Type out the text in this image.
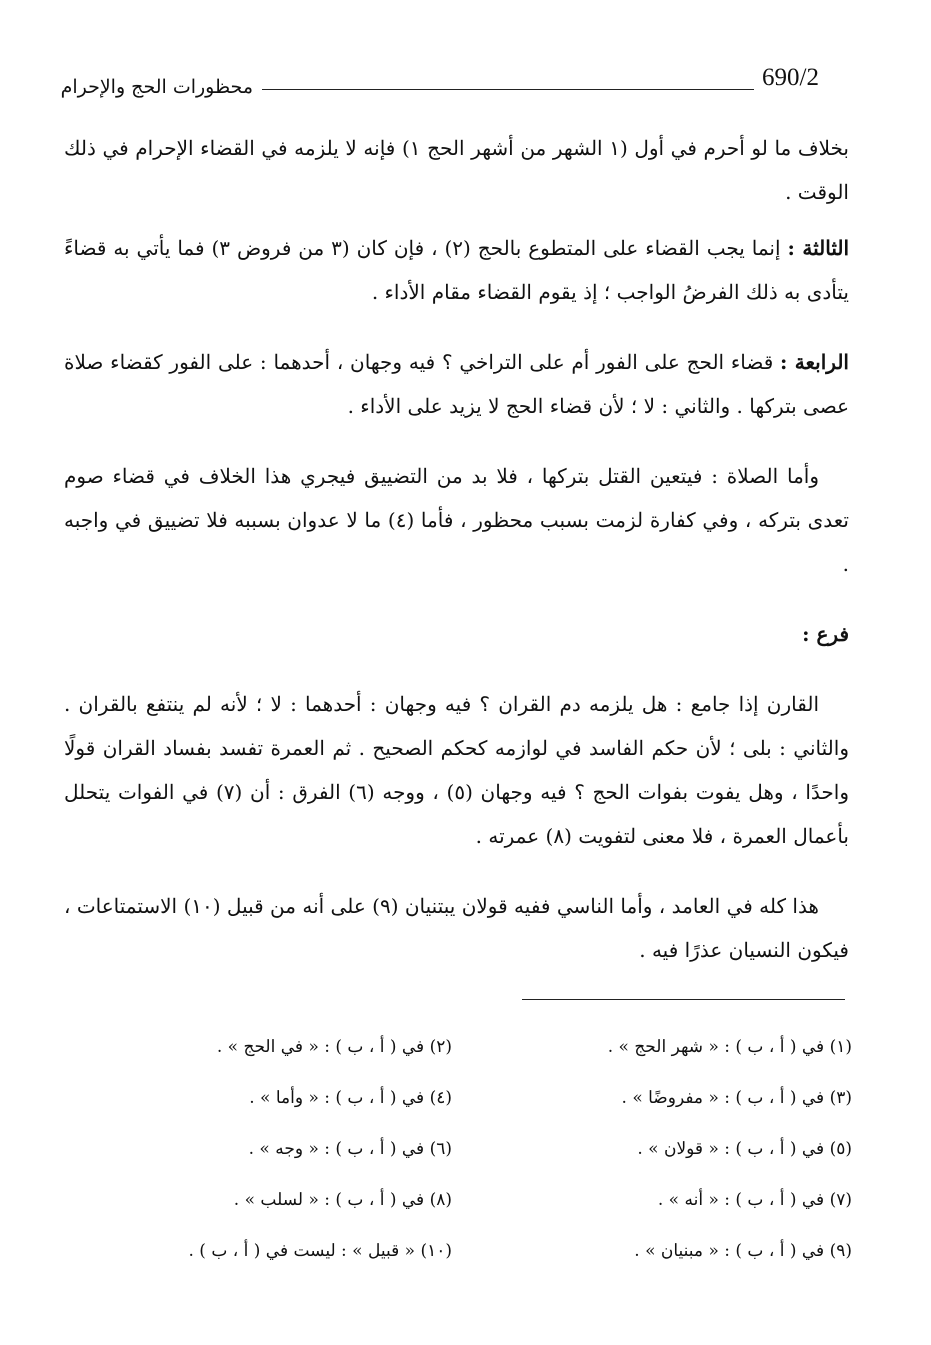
690/2
محظورات الحج والإحرام

بخلاف ما لو أحرم في أول (١ الشهر من أشهر الحج ١) فإنه لا يلزمه في القضاء الإحرام في ذلك الوقت .

الثالثة : إنما يجب القضاء على المتطوع بالحج (٢) ، فإن كان (٣ من فروض ٣) فما يأتي به قضاءً يتأدى به ذلك الفرضُ الواجب ؛ إذ يقوم القضاء مقام الأداء .

الرابعة : قضاء الحج على الفور أم على التراخي ؟ فيه وجهان ، أحدهما : على الفور كقضاء صلاة عصى بتركها . والثاني : لا ؛ لأن قضاء الحج لا يزيد على الأداء .

وأما الصلاة : فيتعين القتل بتركها ، فلا بد من التضييق فيجري هذا الخلاف في قضاء صوم تعدى بتركه ، وفي كفارة لزمت بسبب محظور ، فأما (٤) ما لا عدوان بسببه فلا تضييق في واجبه .

فرع :

القارن إذا جامع : هل يلزمه دم القران ؟ فيه وجهان : أحدهما : لا ؛ لأنه لم ينتفع بالقران . والثاني : بلى ؛ لأن حكم الفاسد في لوازمه كحكم الصحيح . ثم العمرة تفسد بفساد القران قولًا واحدًا ، وهل يفوت بفوات الحج ؟ فيه وجهان (٥) ، ووجه (٦) الفرق : أن (٧) في الفوات يتحلل بأعمال العمرة ، فلا معنى لتفويت (٨) عمرته .

هذا كله في العامد ، وأما الناسي ففيه قولان يبتنيان (٩) على أنه من قبيل (١٠) الاستمتاعات ، فيكون النسيان عذرًا فيه .

(١) في ( أ ، ب ) : « شهر الحج » .
(٢) في ( أ ، ب ) : « في الحج » .
(٣) في ( أ ، ب ) : « مفروضًا » .
(٤) في ( أ ، ب ) : « وأما » .
(٥) في ( أ ، ب ) : « قولان » .
(٦) في ( أ ، ب ) : « وجه » .
(٧) في ( أ ، ب ) : « أنه » .
(٨) في ( أ ، ب ) : « لسلب » .
(٩) في ( أ ، ب ) : « مبنيان » .
(١٠) « قبيل » : ليست في ( أ ، ب ) .
